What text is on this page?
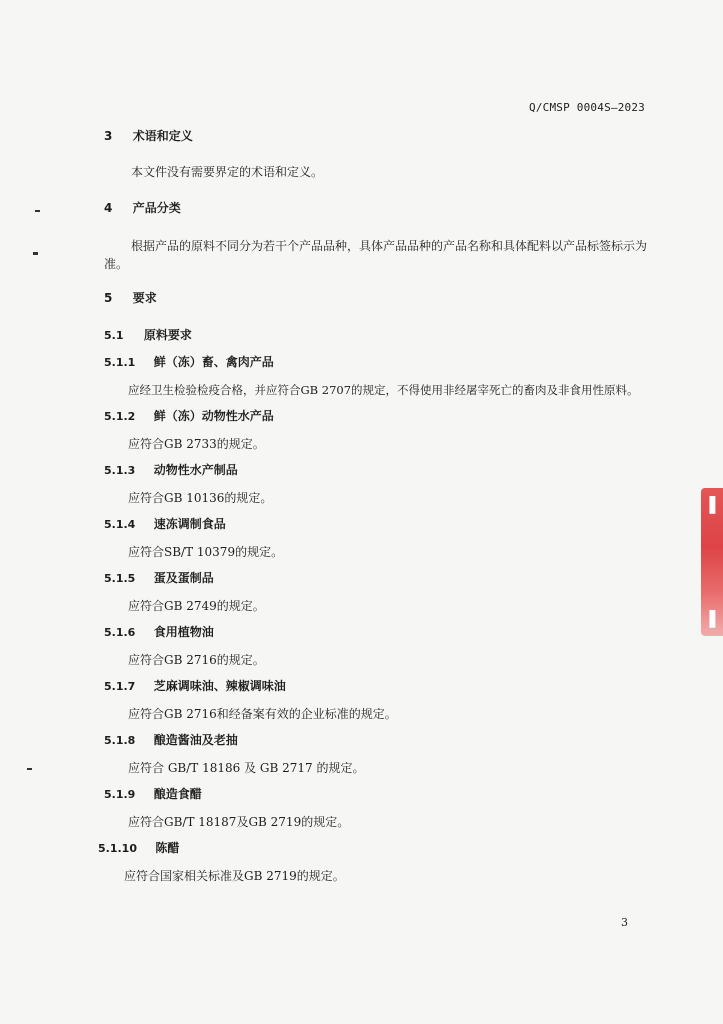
Q/CMSP 0004S—2023
3 术语和定义
本文件没有需要界定的术语和定义。
4 产品分类
根据产品的原料不同分为若干个产品品种，具体产品品种的产品名称和具体配料以产品标签标示为
准。
5 要求
5.1 原料要求
5.1.1 鲜（冻）畜、禽肉产品
应经卫生检验检疫合格，并应符合GB 2707的规定，不得使用非经屠宰死亡的畜肉及非食用性原料。
5.1.2 鲜（冻）动物性水产品
应符合GB 2733的规定。
5.1.3 动物性水产制品
应符合GB 10136的规定。
5.1.4 速冻调制食品
应符合SB/T 10379的规定。
5.1.5 蛋及蛋制品
应符合GB 2749的规定。
5.1.6 食用植物油
应符合GB 2716的规定。
5.1.7 芝麻调味油、辣椒调味油
应符合GB 2716和经备案有效的企业标准的规定。
5.1.8 酿造酱油及老抽
应符合 GB/T 18186 及 GB 2717 的规定。
5.1.9 酿造食醋
应符合GB/T 18187及GB 2719的规定。
5.1.10 陈醋
应符合国家相关标准及GB 2719的规定。
3
▌
▌
